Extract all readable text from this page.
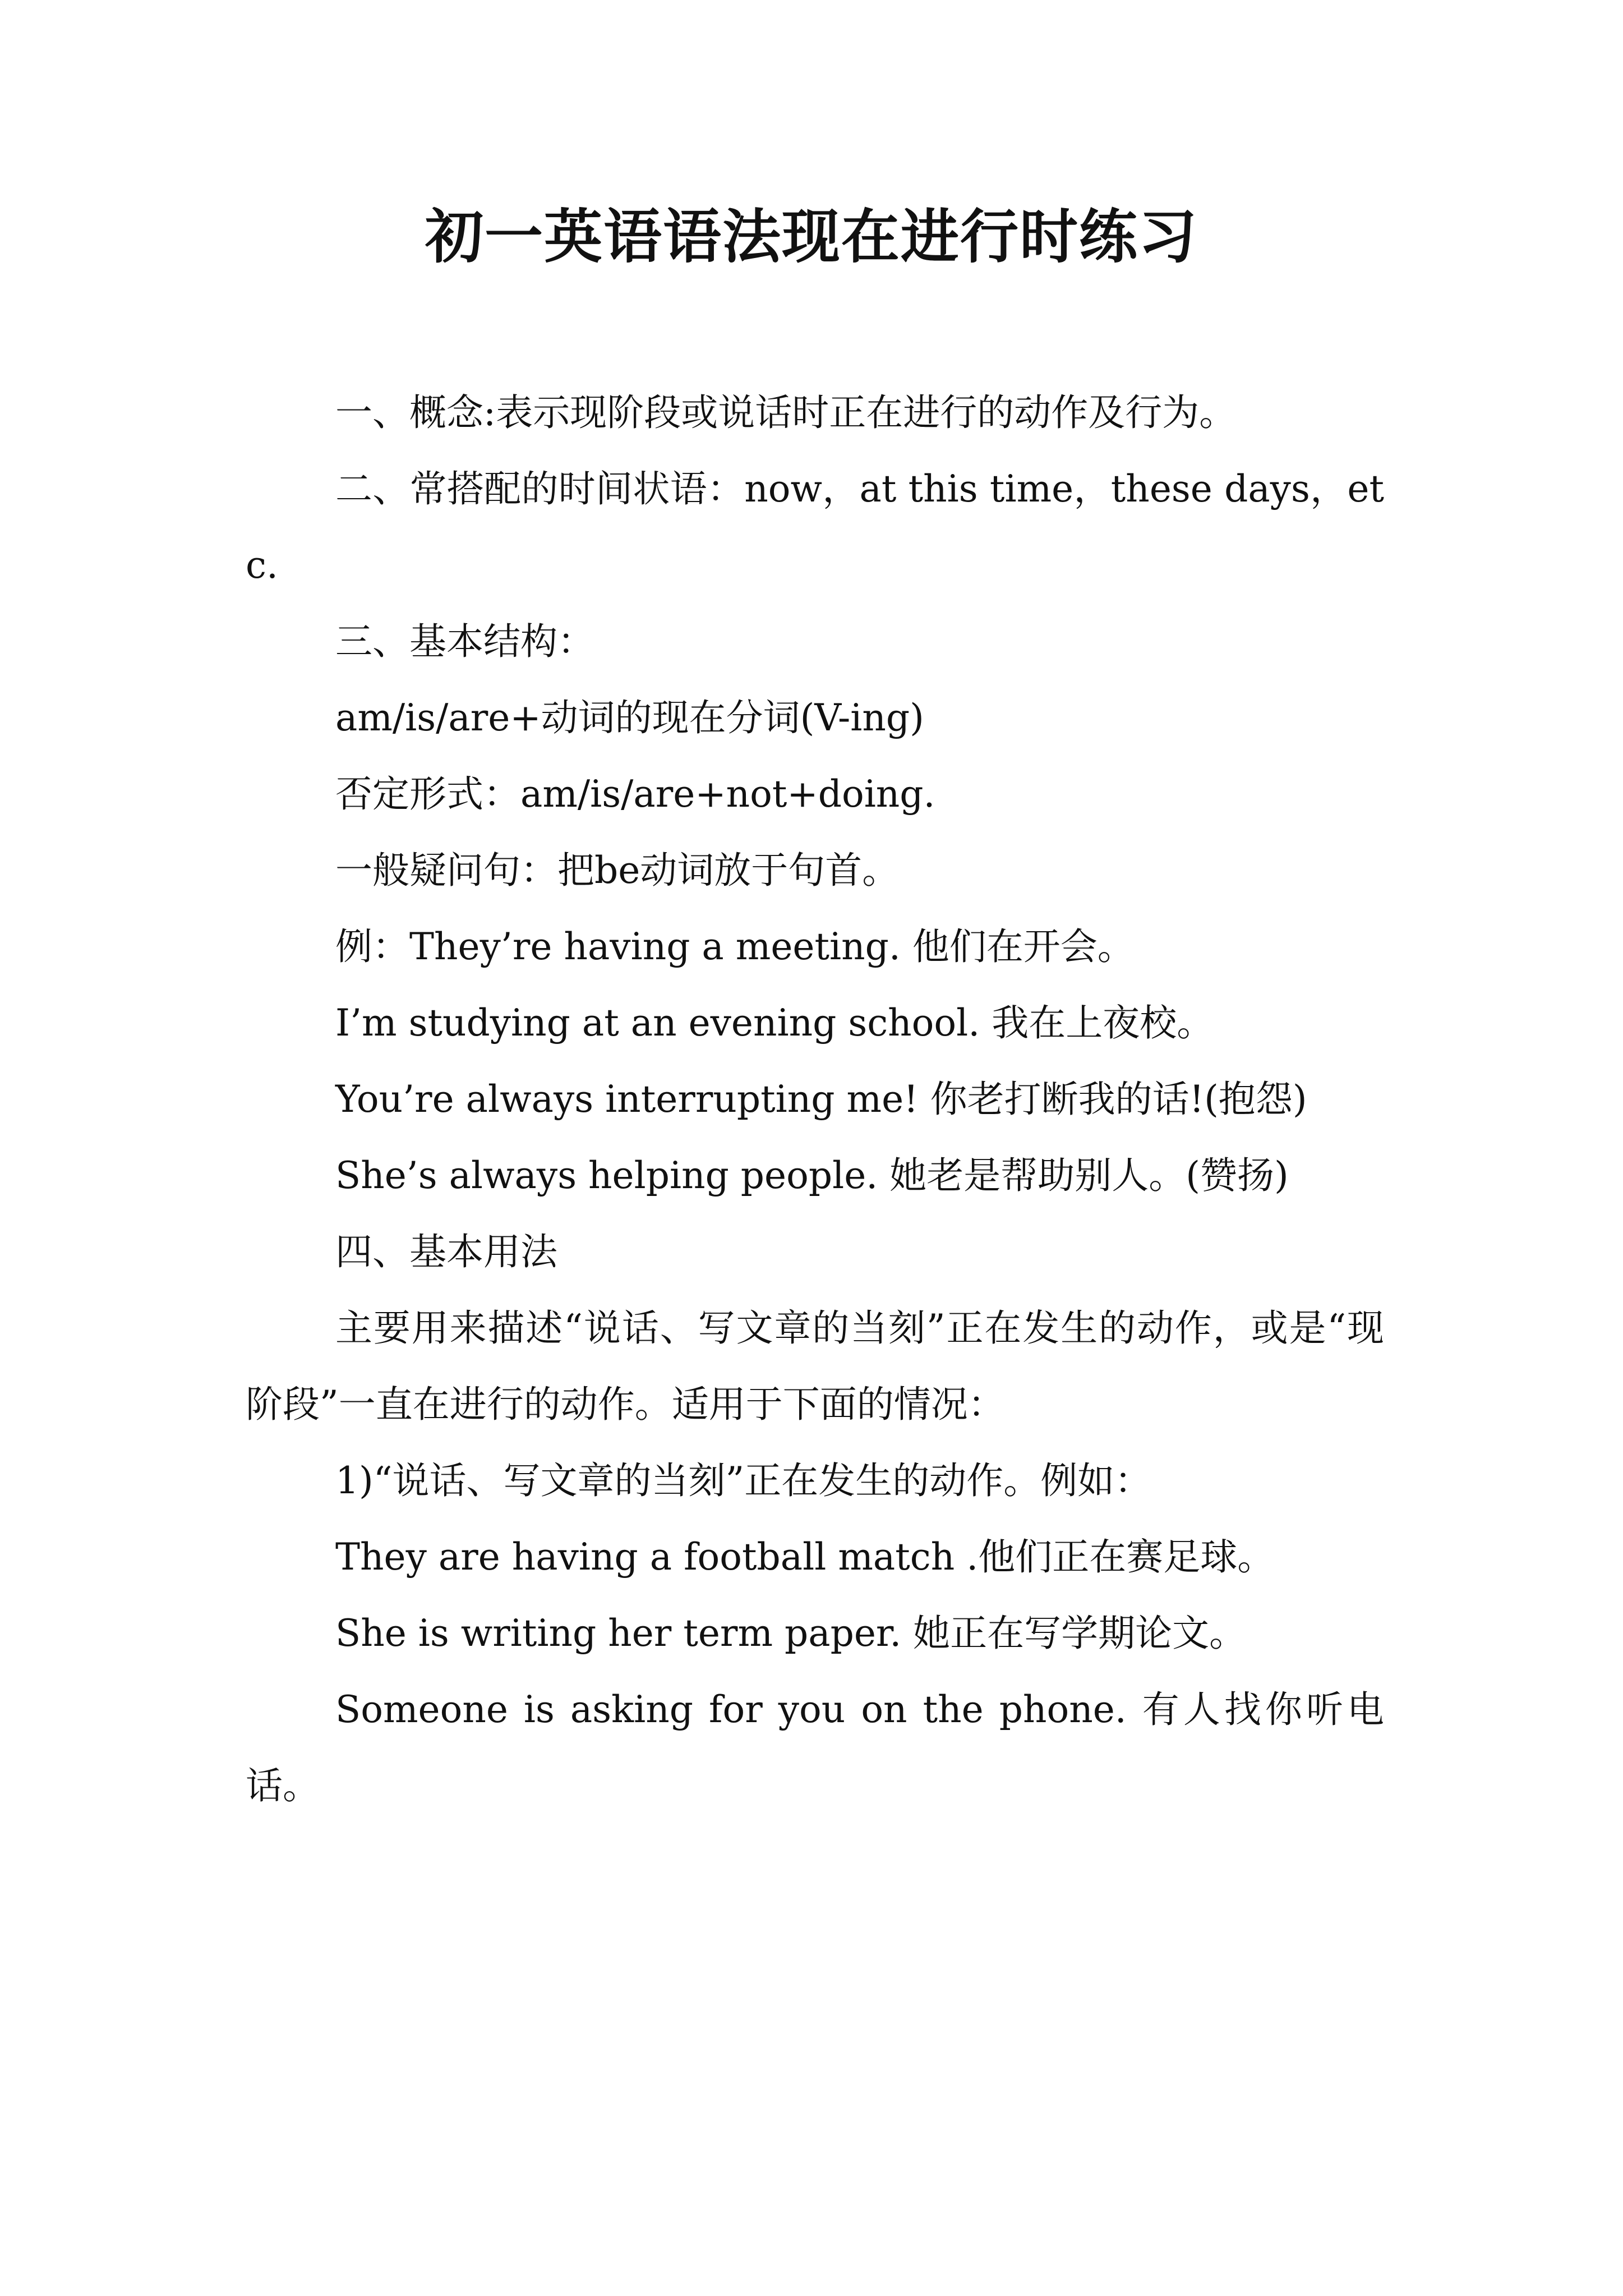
初一英语语法现在进行时练习

一、概念:表示现阶段或说话时正在进行的动作及行为。

二、常搭配的时间状语：now，at this time，these days，etc.

三、基本结构：

am/is/are+动词的现在分词(V-ing)

否定形式：am/is/are+not+doing.

一般疑问句：把be动词放于句首。

例：They’re having a meeting. 他们在开会。

I’m studying at an evening school. 我在上夜校。

You’re always interrupting me! 你老打断我的话!(抱怨)

She’s always helping people. 她老是帮助别人。(赞扬)

四、基本用法

主要用来描述“说话、写文章的当刻”正在发生的动作，或是“现阶段”一直在进行的动作。适用于下面的情况：

1)“说话、写文章的当刻”正在发生的动作。例如：

They are having a football match .他们正在赛足球。

She is writing her term paper. 她正在写学期论文。

Someone is asking for you on the phone. 有人找你听电话。
